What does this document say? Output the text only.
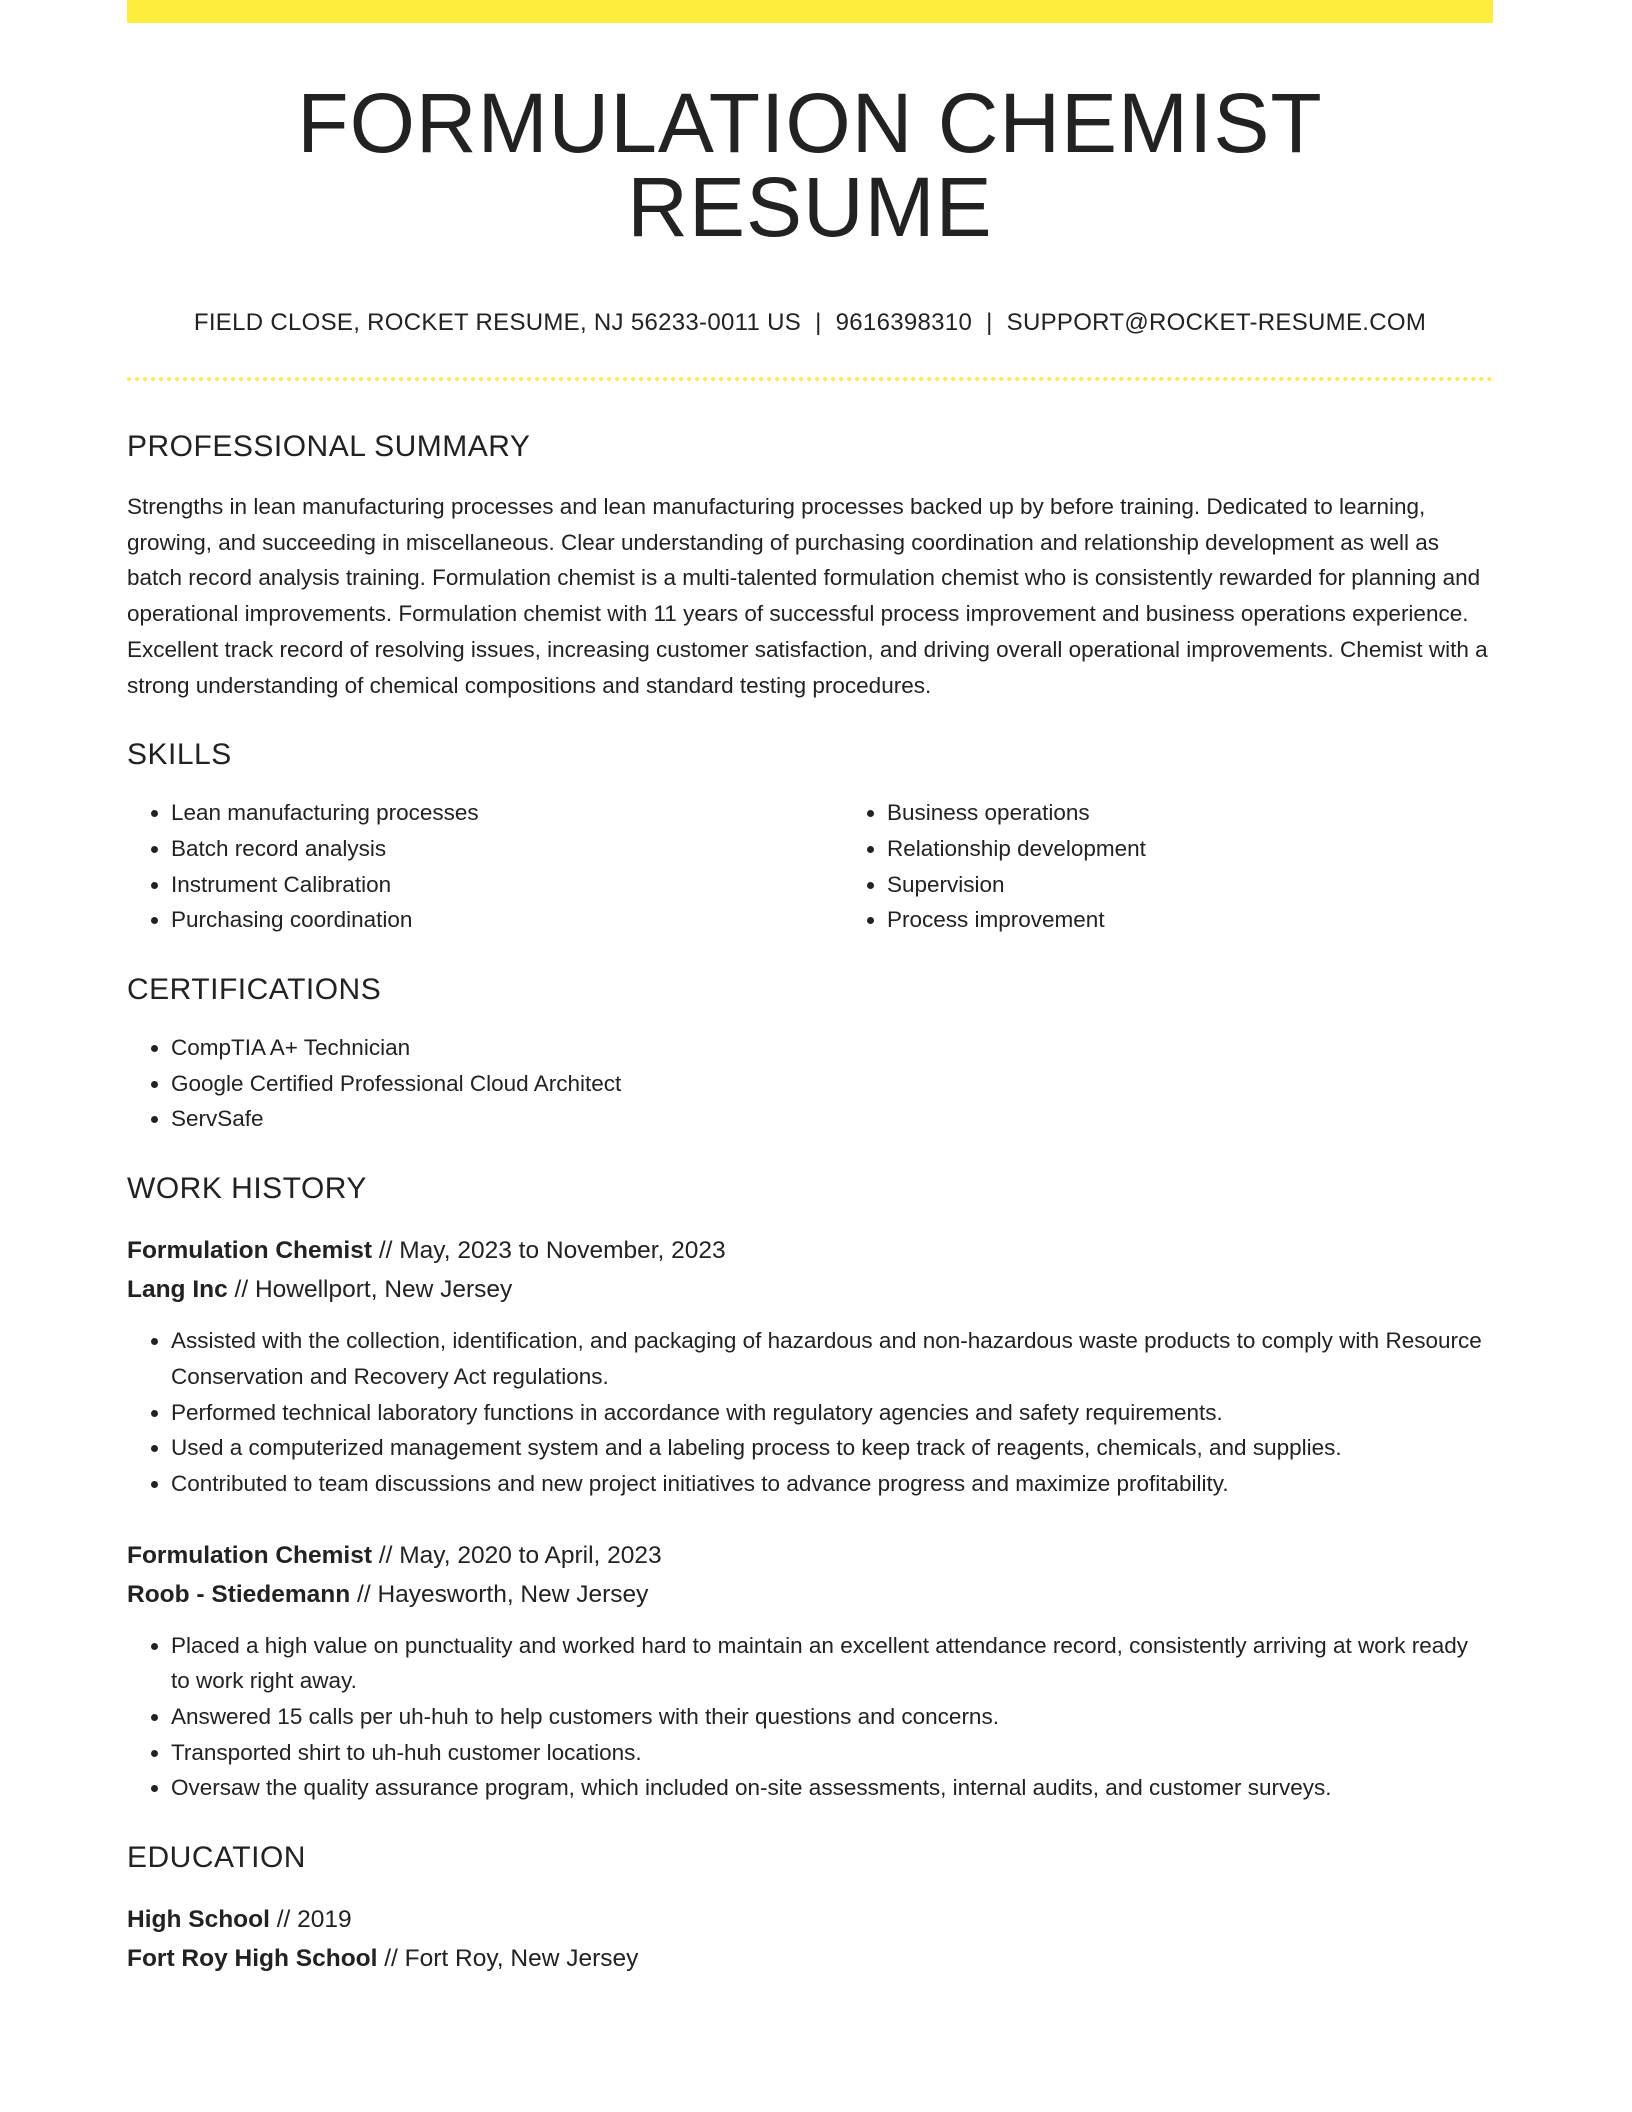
FORMULATION CHEMIST RESUME
FIELD CLOSE, ROCKET RESUME, NJ 56233-0011 US | 9616398310 | SUPPORT@ROCKET-RESUME.COM
PROFESSIONAL SUMMARY

Strengths in lean manufacturing processes and lean manufacturing processes backed up by before training. Dedicated to learning, growing, and succeeding in miscellaneous. Clear understanding of purchasing coordination and relationship development as well as batch record analysis training. Formulation chemist is a multi-talented formulation chemist who is consistently rewarded for planning and operational improvements. Formulation chemist with 11 years of successful process improvement and business operations experience. Excellent track record of resolving issues, increasing customer satisfaction, and driving overall operational improvements. Chemist with a strong understanding of chemical compositions and standard testing procedures.

SKILLS
• Lean manufacturing processes
• Batch record analysis
• Instrument Calibration
• Purchasing coordination
• Business operations
• Relationship development
• Supervision
• Process improvement
CERTIFICATIONS
• CompTIA A+ Technician
• Google Certified Professional Cloud Architect
• ServSafe
WORK HISTORY
Formulation Chemist // May, 2023 to November, 2023
Lang Inc // Howellport, New Jersey
• Assisted with the collection, identification, and packaging of hazardous and non-hazardous waste products to comply with Resource Conservation and Recovery Act regulations.
• Performed technical laboratory functions in accordance with regulatory agencies and safety requirements.
• Used a computerized management system and a labeling process to keep track of reagents, chemicals, and supplies.
• Contributed to team discussions and new project initiatives to advance progress and maximize profitability.
Formulation Chemist // May, 2020 to April, 2023
Roob - Stiedemann // Hayesworth, New Jersey
• Placed a high value on punctuality and worked hard to maintain an excellent attendance record, consistently arriving at work ready to work right away.
• Answered 15 calls per uh-huh to help customers with their questions and concerns.
• Transported shirt to uh-huh customer locations.
• Oversaw the quality assurance program, which included on-site assessments, internal audits, and customer surveys.
EDUCATION
High School // 2019
Fort Roy High School // Fort Roy, New Jersey
